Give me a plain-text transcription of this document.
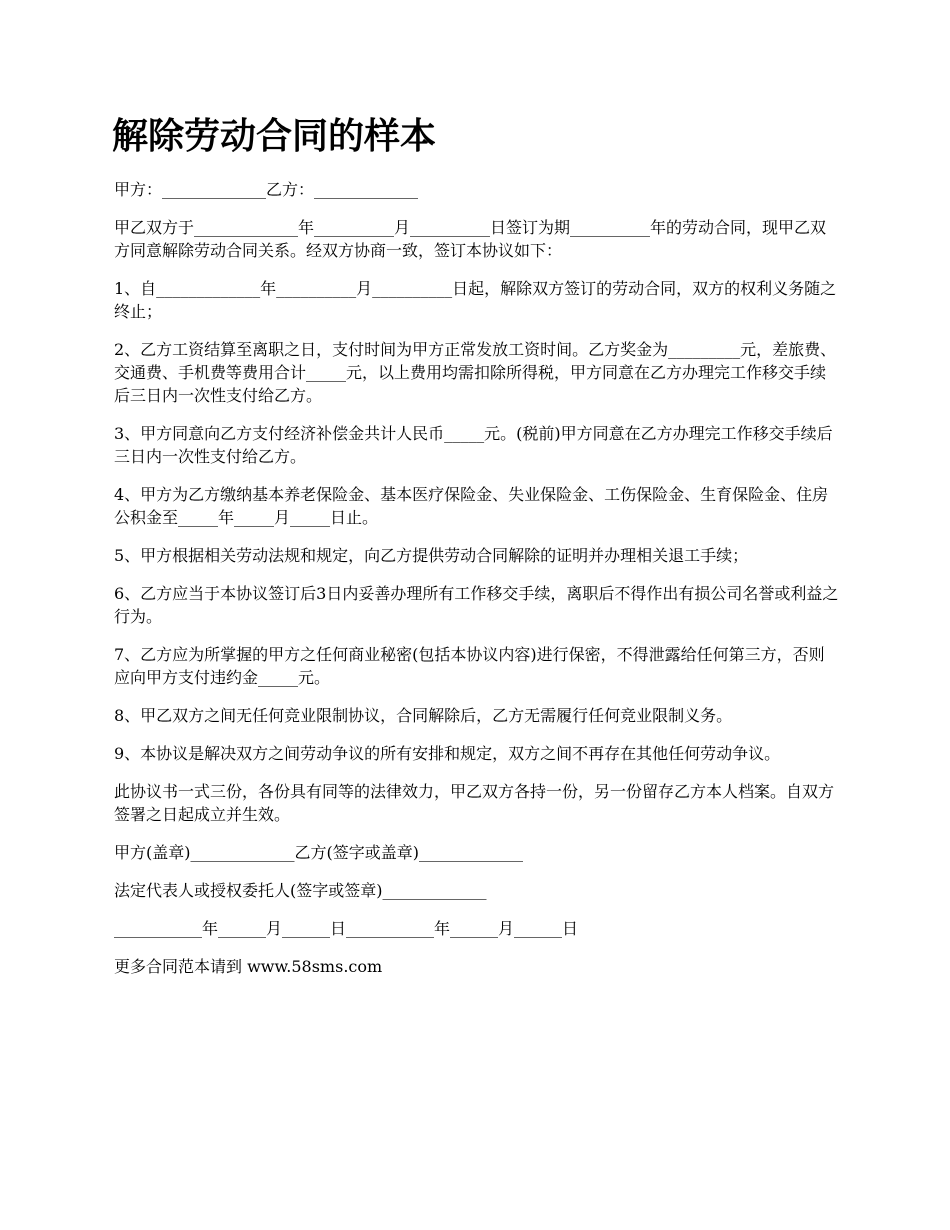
解除劳动合同的样本

甲方：_____________乙方：_____________

甲乙双方于_____________年__________月__________日签订为期__________年的劳动合同，现甲乙双方同意解除劳动合同关系。经双方协商一致，签订本协议如下：

1、自_____________年__________月__________日起，解除双方签订的劳动合同，双方的权利义务随之终止；

2、乙方工资结算至离职之日，支付时间为甲方正常发放工资时间。乙方奖金为_________元，差旅费、交通费、手机费等费用合计_____元，以上费用均需扣除所得税，甲方同意在乙方办理完工作移交手续后三日内一次性支付给乙方。

3、甲方同意向乙方支付经济补偿金共计人民币_____元。(税前)甲方同意在乙方办理完工作移交手续后三日内一次性支付给乙方。

4、甲方为乙方缴纳基本养老保险金、基本医疗保险金、失业保险金、工伤保险金、生育保险金、住房公积金至_____年_____月_____日止。

5、甲方根据相关劳动法规和规定，向乙方提供劳动合同解除的证明并办理相关退工手续；

6、乙方应当于本协议签订后3日内妥善办理所有工作移交手续，离职后不得作出有损公司名誉或利益之行为。

7、乙方应为所掌握的甲方之任何商业秘密(包括本协议内容)进行保密，不得泄露给任何第三方，否则应向甲方支付违约金_____元。

8、甲乙双方之间无任何竞业限制协议，合同解除后，乙方无需履行任何竞业限制义务。

9、本协议是解决双方之间劳动争议的所有安排和规定，双方之间不再存在其他任何劳动争议。

此协议书一式三份，各份具有同等的法律效力，甲乙双方各持一份，另一份留存乙方本人档案。自双方签署之日起成立并生效。

甲方(盖章)_____________乙方(签字或盖章)_____________

法定代表人或授权委托人(签字或签章)_____________

___________年______月______日___________年______月______日

更多合同范本请到 www.58sms.com
